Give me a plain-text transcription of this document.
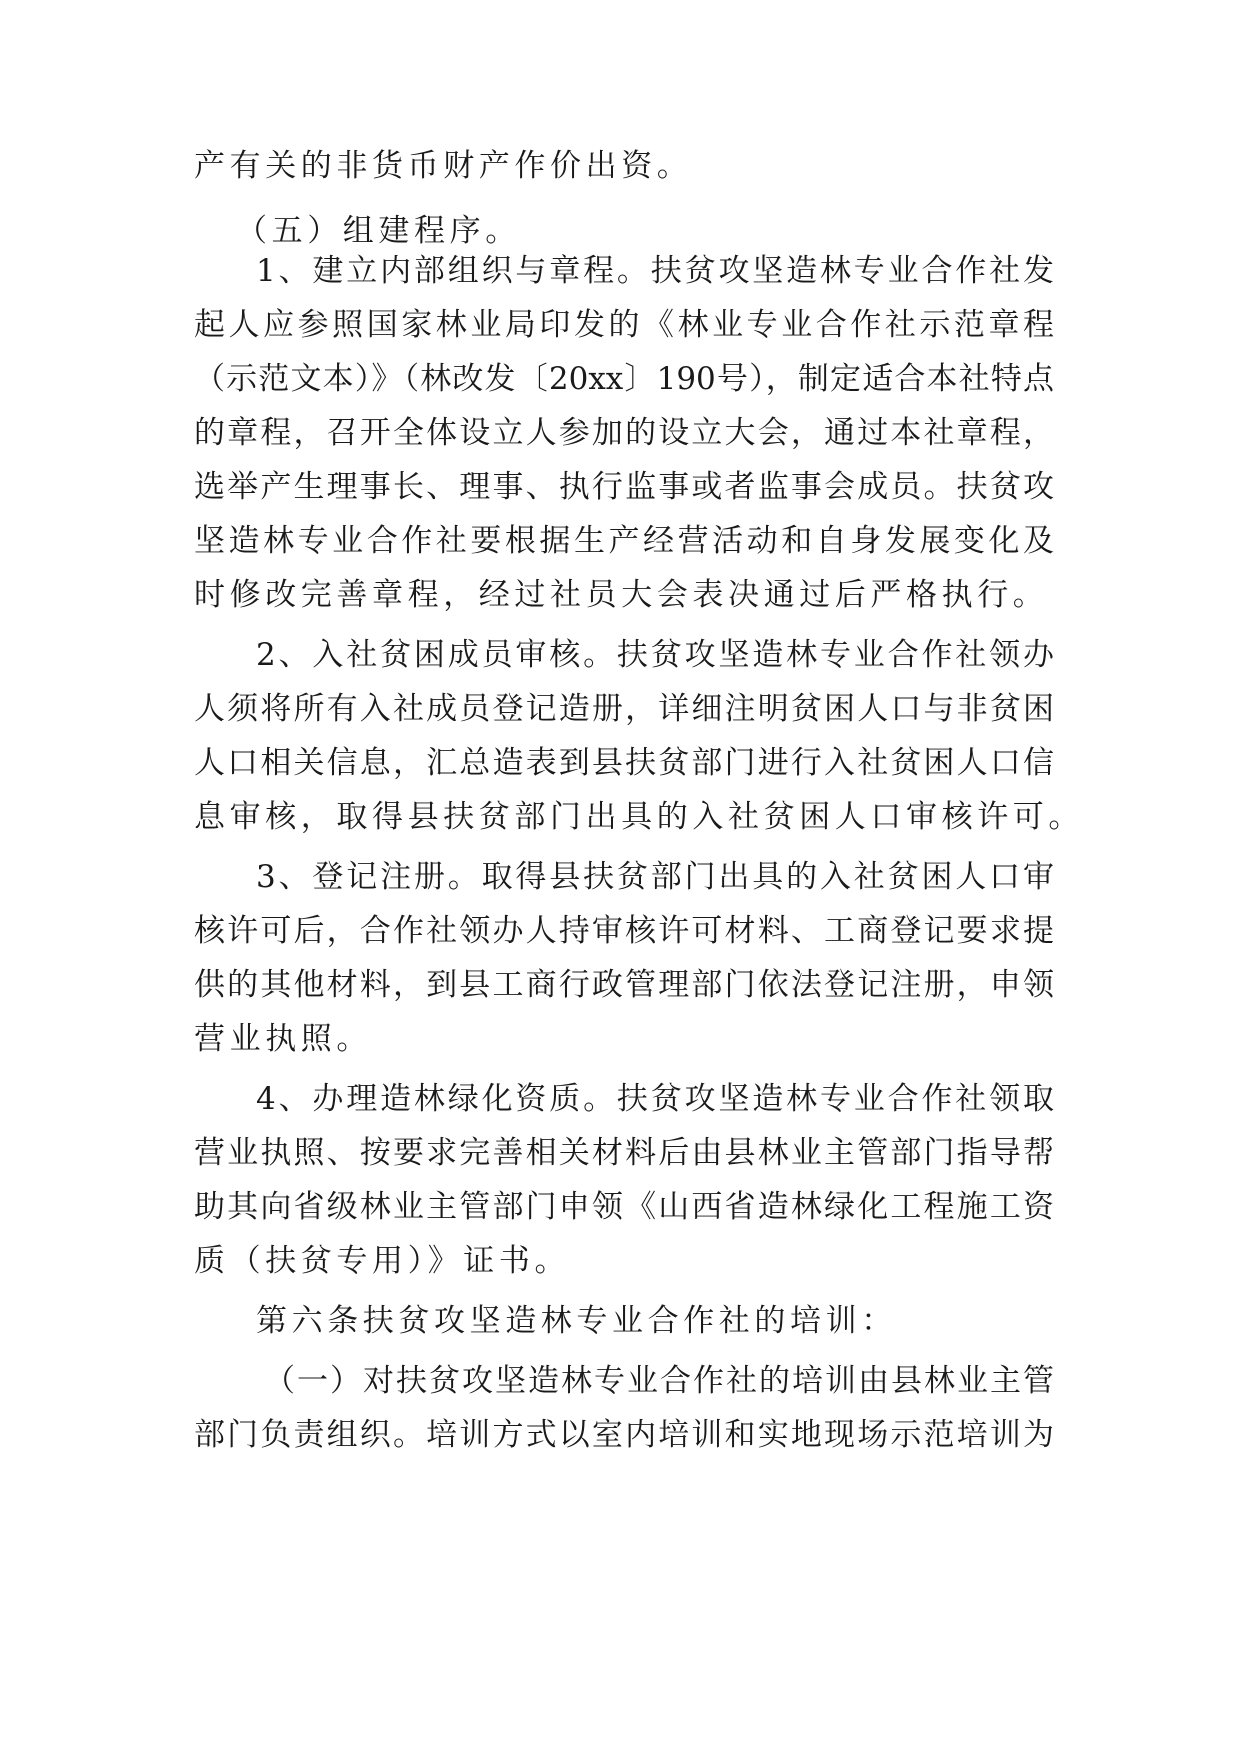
产有关的非货币财产作价出资。
（五）组建程序。
1、建立内部组织与章程。扶贫攻坚造林专业合作社发
起人应参照国家林业局印发的《林业专业合作社示范章程
（示范文本）》（林改发〔20xx〕190号），制定适合本社特点
的章程，召开全体设立人参加的设立大会，通过本社章程，
选举产生理事长、理事、执行监事或者监事会成员。扶贫攻
坚造林专业合作社要根据生产经营活动和自身发展变化及
时修改完善章程，经过社员大会表决通过后严格执行。
2、入社贫困成员审核。扶贫攻坚造林专业合作社领办
人须将所有入社成员登记造册，详细注明贫困人口与非贫困
人口相关信息，汇总造表到县扶贫部门进行入社贫困人口信
息审核，取得县扶贫部门出具的入社贫困人口审核许可。
3、登记注册。取得县扶贫部门出具的入社贫困人口审
核许可后，合作社领办人持审核许可材料、工商登记要求提
供的其他材料，到县工商行政管理部门依法登记注册，申领
营业执照。
4、办理造林绿化资质。扶贫攻坚造林专业合作社领取
营业执照、按要求完善相关材料后由县林业主管部门指导帮
助其向省级林业主管部门申领《山西省造林绿化工程施工资
质（扶贫专用）》证书。
第六条扶贫攻坚造林专业合作社的培训：
（一）对扶贫攻坚造林专业合作社的培训由县林业主管
部门负责组织。培训方式以室内培训和实地现场示范培训为
